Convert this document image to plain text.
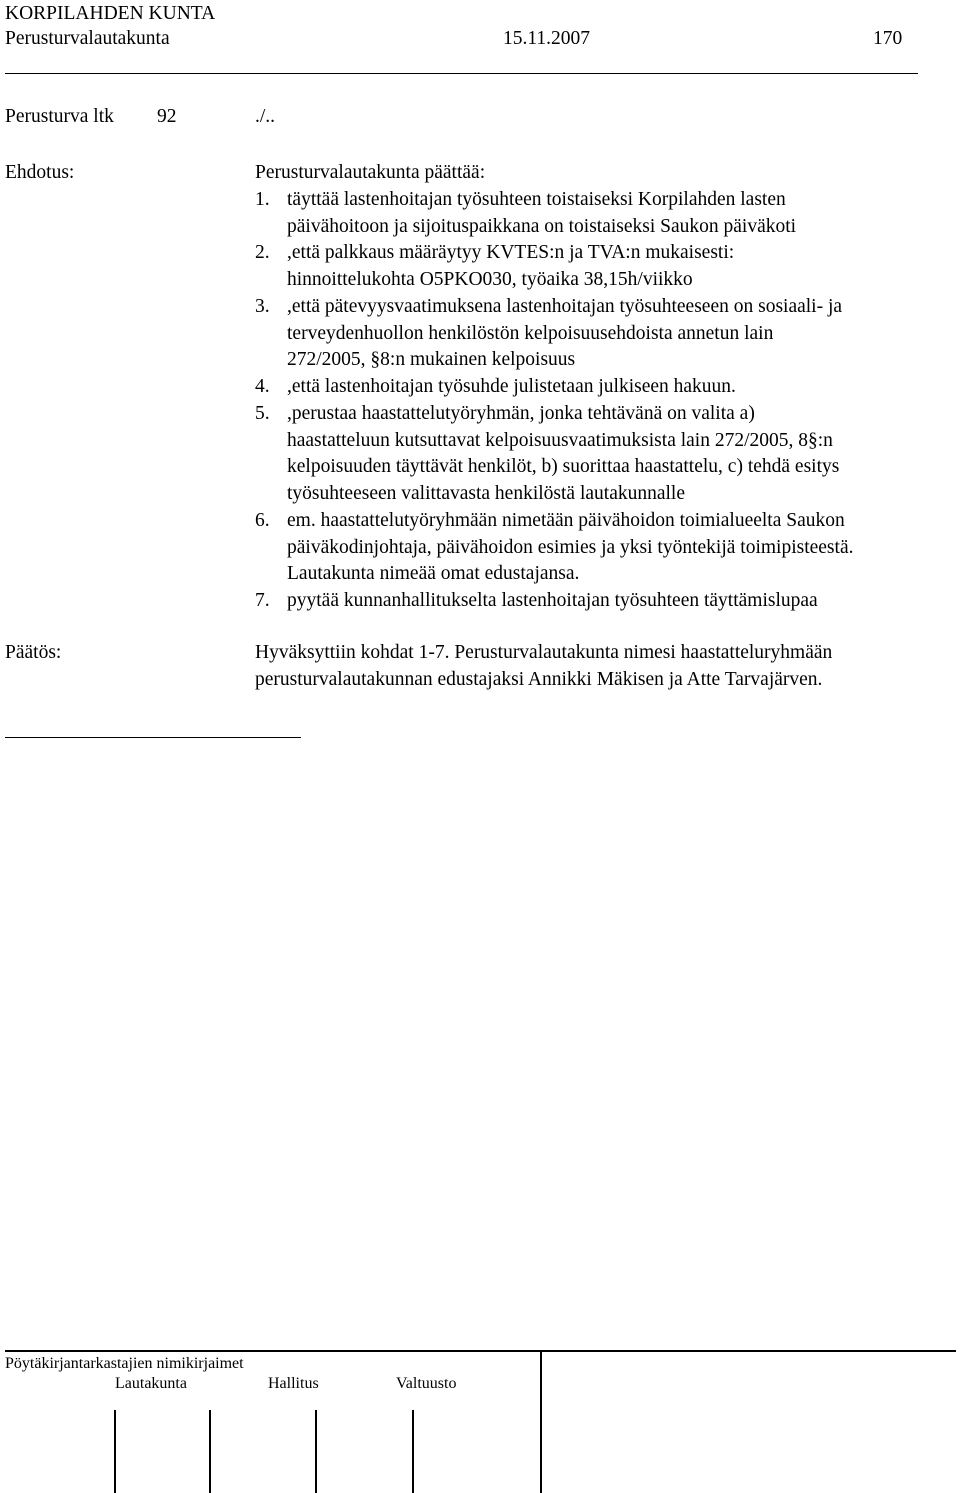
KORPILAHDEN KUNTA
Perusturvalautakunta	15.11.2007	170
Perusturva ltk 92	./..
Ehdotus:	Perusturvalautakunta päättää:
1. täyttää lastenhoitajan työsuhteen toistaiseksi Korpilahden lasten
päivähoitoon ja sijoituspaikkana on toistaiseksi Saukon päiväkoti
2. ,että palkkaus määräytyy KVTES:n ja TVA:n mukaisesti:
hinnoittelukohta O5PKO030, työaika 38,15h/viikko
3. ,että pätevyysvaatimuksena lastenhoitajan työsuhteeseen on sosiaali- ja
terveydenhuollon henkilöstön kelpoisuusehdoista annetun lain
272/2005, §8:n mukainen kelpoisuus
4. ,että lastenhoitajan työsuhde julistetaan julkiseen hakuun.
5. ,perustaa haastattelutyöryhmän, jonka tehtävänä on valita a)
haastatteluun kutsuttavat kelpoisuusvaatimuksista lain 272/2005, 8§:n
kelpoisuuden täyttävät henkilöt, b) suorittaa haastattelu, c) tehdä esitys
työsuhteeseen valittavasta henkilöstä lautakunnalle
6. em. haastattelutyöryhmään nimetään päivähoidon toimialueelta Saukon
päiväkodinjohtaja, päivähoidon esimies ja yksi työntekijä toimipisteestä.
Lautakunta nimeää omat edustajansa.
7. pyytää kunnanhallitukselta lastenhoitajan työsuhteen täyttämislupaa
Päätös:	Hyväksyttiin kohdat 1-7. Perusturvalautakunta nimesi haastatteluryhmään
perusturvalautakunnan edustajaksi Annikki Mäkisen ja Atte Tarvajärven.
Pöytäkirjantarkastajien nimikirjaimet
Lautakunta	Hallitus	Valtuusto
